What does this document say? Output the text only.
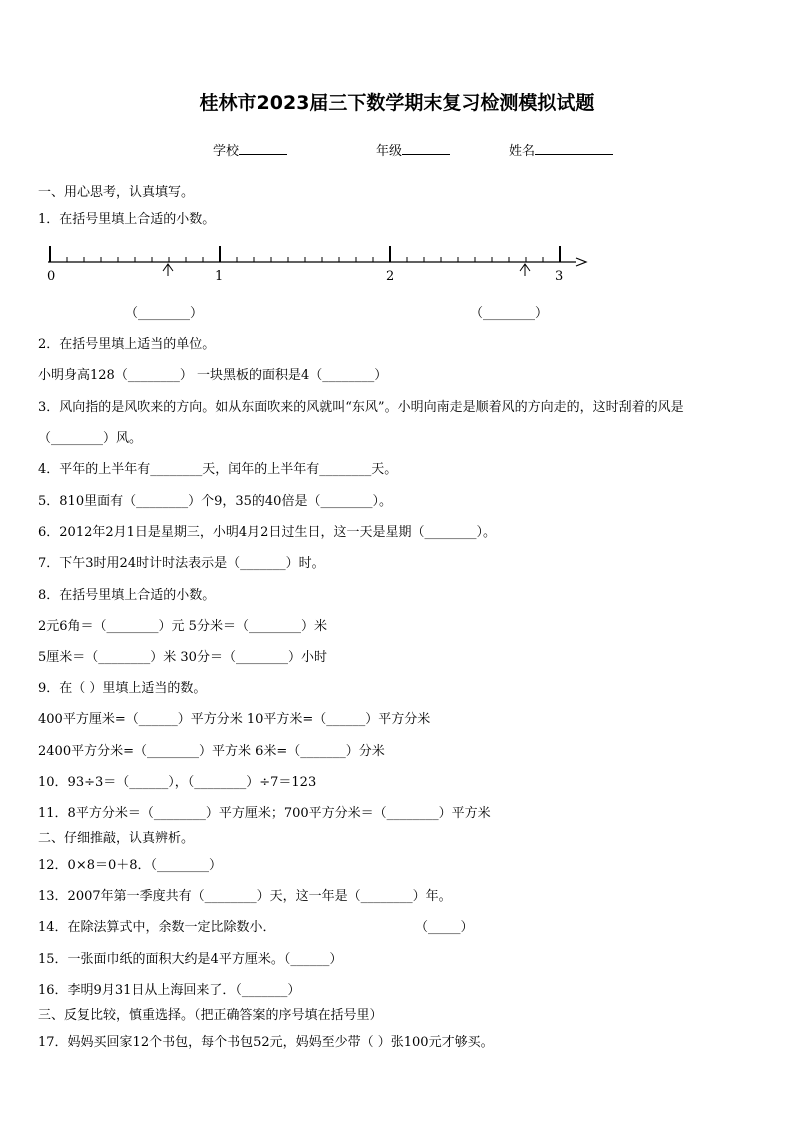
桂林市2023届三下数学期末复习检测模拟试题
学校	年级	姓名
一、用心思考，认真填写。
1．在括号里填上合适的小数。
0	1	2	3
（________）	（________）
2．在括号里填上适当的单位。
小明身高128（________） 一块黑板的面积是4（________）
3．风向指的是风吹来的方向。如从东面吹来的风就叫“东风”。小明向南走是顺着风的方向走的，这时刮着的风是
（________）风。
4．平年的上半年有________天，闰年的上半年有________天。
5．810里面有（________）个9，35的40倍是（________）。
6．2012年2月1日是星期三，小明4月2日过生日，这一天是星期（________）。
7．下午3时用24时计时法表示是（_______）时。
8．在括号里填上合适的小数。
2元6角＝（________）元 5分米＝（________）米
5厘米＝（________）米 30分＝（________）小时
9．在（ ）里填上适当的数。
400平方厘米=（______）平方分米 10平方米=（______）平方分米
2400平方分米=（________）平方米 6米=（_______）分米
10．93÷3＝（______），（________）÷7＝123
11．8平方分米＝（________）平方厘米；700平方分米＝（________）平方米
二、仔细推敲，认真辨析。
12．0×8＝0＋8．（________）
13．2007年第一季度共有（________）天，这一年是（________）年。
14．在除法算式中，余数一定比除数小．	（_____）
15．一张面巾纸的面积大约是4平方厘米。（______）
16．李明9月31日从上海回来了．（_______）
三、反复比较，慎重选择。（把正确答案的序号填在括号里）
17．妈妈买回家12个书包，每个书包52元，妈妈至少带（ ）张100元才够买。
